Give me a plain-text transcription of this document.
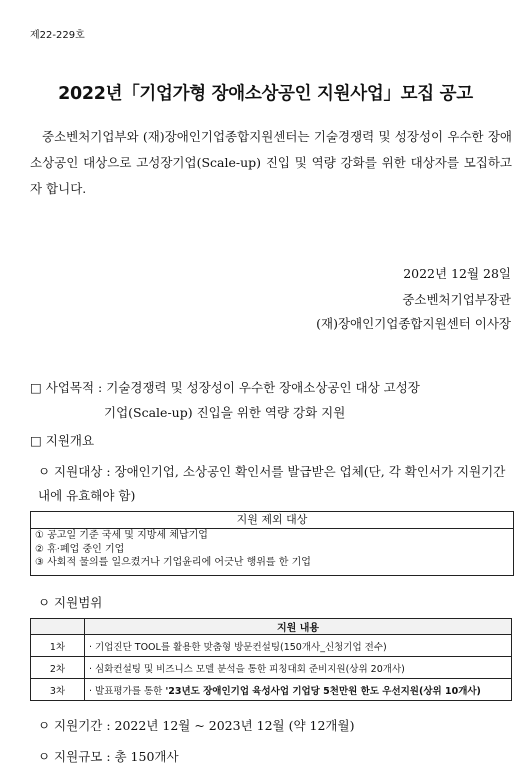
제22-229호
2022년「기업가형 장애소상공인 지원사업」모집 공고
중소벤처기업부와 (재)장애인기업종합지원센터는 기술경쟁력 및 성장성이 우수한 장애소상공인 대상으로 고성장기업(Scale-up) 진입 및 역량 강화를 위한 대상자를 모집하고자 합니다.
2022년 12월 28일
중소벤처기업부장관
(재)장애인기업종합지원센터 이사장
□ 사업목적 : 기술경쟁력 및 성장성이 우수한 장애소상공인 대상 고성장
기업(Scale-up) 진입을 위한 역량 강화 지원
□ 지원개요
ㅇ 지원대상 : 장애인기업, 소상공인 확인서를 발급받은 업체(단, 각 확인서가 지원기간 내에 유효해야 함)
지원 제외 대상
① 공고일 기준 국세 및 지방세 체납기업
② 휴·폐업 중인 기업
③ 사회적 물의를 일으켰거나 기업윤리에 어긋난 행위를 한 기업
ㅇ 지원범위
	지원 내용
1차	· 기업진단 TOOL를 활용한 맞춤형 방문컨설팅(150개사_신청기업 전수)
2차	· 심화컨설팅 및 비즈니스 모델 분석을 통한 피칭대회 준비지원(상위 20개사)
3차	· 발표평가를 통한 '23년도 장애인기업 육성사업 기업당 5천만원 한도 우선지원(상위 10개사)
ㅇ 지원기간 : 2022년 12월 ~ 2023년 12월 (약 12개월)
ㅇ 지원규모 : 총 150개사
